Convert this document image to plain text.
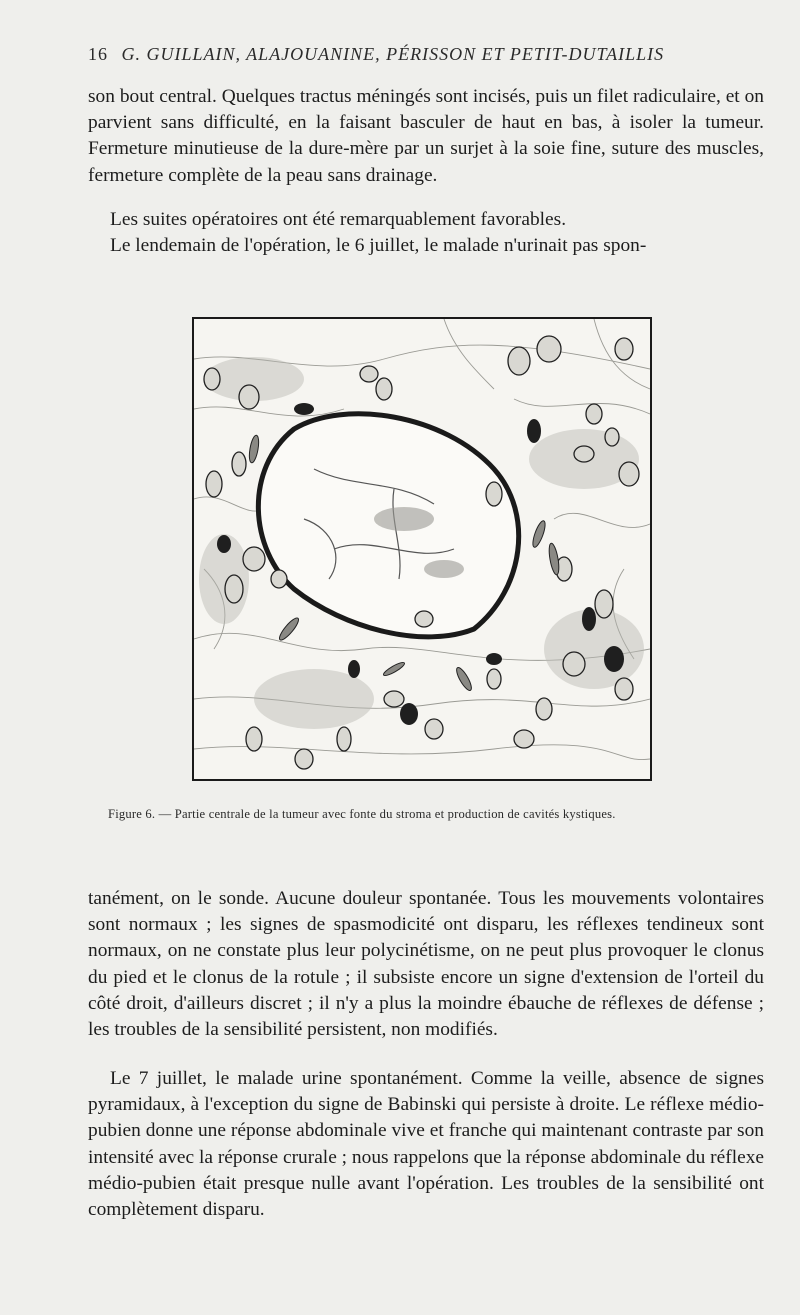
16 G. GUILLAIN, ALAJOUANINE, PÉRISSON ET PETIT-DUTAILLIS

son bout central. Quelques tractus méningés sont incisés, puis un filet radiculaire, et on parvient sans difficulté, en la faisant basculer de haut en bas, à isoler la tumeur. Fermeture minutieuse de la dure-mère par un surjet à la soie fine, suture des muscles, fermeture complète de la peau sans drainage.

Les suites opératoires ont été remarquablement favorables.

Le lendemain de l'opération, le 6 juillet, le malade n'urinait pas spon-

Figure 6. — Partie centrale de la tumeur avec fonte du stroma et production de cavités kystiques.

tanément, on le sonde. Aucune douleur spontanée. Tous les mouvements volontaires sont normaux ; les signes de spasmodicité ont disparu, les réflexes tendineux sont normaux, on ne constate plus leur polycinétisme, on ne peut plus provoquer le clonus du pied et le clonus de la rotule ; il subsiste encore un signe d'extension de l'orteil du côté droit, d'ailleurs discret ; il n'y a plus la moindre ébauche de réflexes de défense ; les troubles de la sensibilité persistent, non modifiés.

Le 7 juillet, le malade urine spontanément. Comme la veille, absence de signes pyramidaux, à l'exception du signe de Babinski qui persiste à droite. Le réflexe médio-pubien donne une réponse abdominale vive et franche qui maintenant contraste par son intensité avec la réponse crurale ; nous rappelons que la réponse abdominale du réflexe médio-pubien était presque nulle avant l'opération. Les troubles de la sensibilité ont complètement disparu.
